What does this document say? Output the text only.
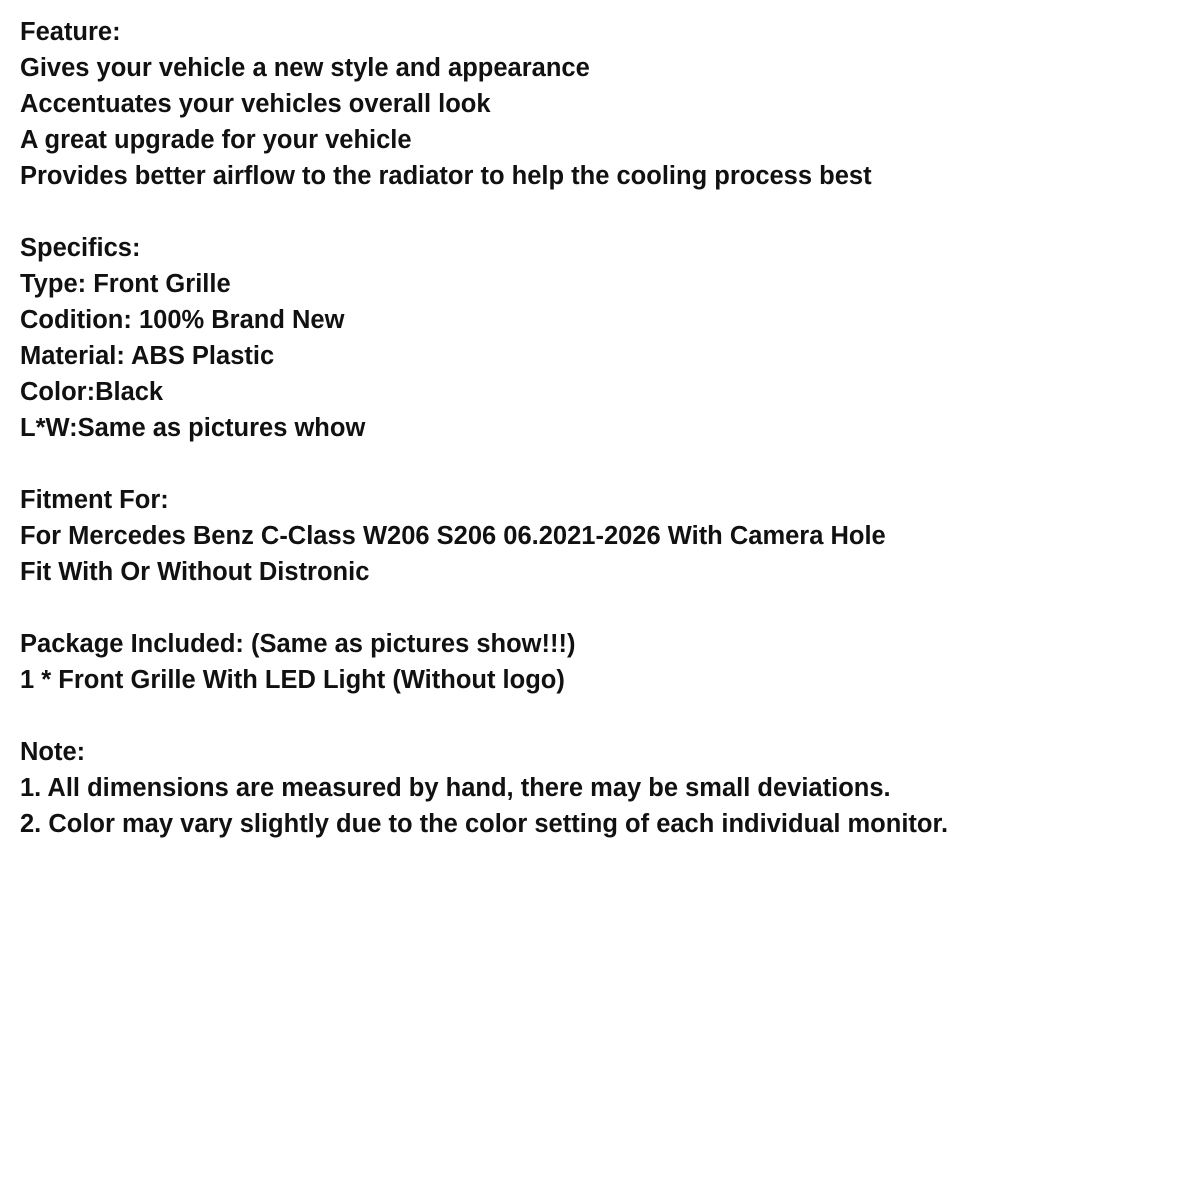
Feature:
Gives your vehicle a new style and appearance
Accentuates your vehicles overall look
A great upgrade for your vehicle
Provides better airflow to the radiator to help the cooling process best
Specifics:
Type: Front Grille
Codition: 100% Brand New
Material: ABS Plastic
Color:Black
L*W:Same as pictures whow
Fitment For:
For Mercedes Benz C-Class W206 S206 06.2021-2026 With Camera Hole
Fit With Or Without Distronic
Package Included: (Same as pictures show!!!)
1 * Front Grille With LED Light (Without logo)
Note:
1. All dimensions are measured by hand, there may be small deviations.
2. Color may vary slightly due to the color setting of each individual monitor.
